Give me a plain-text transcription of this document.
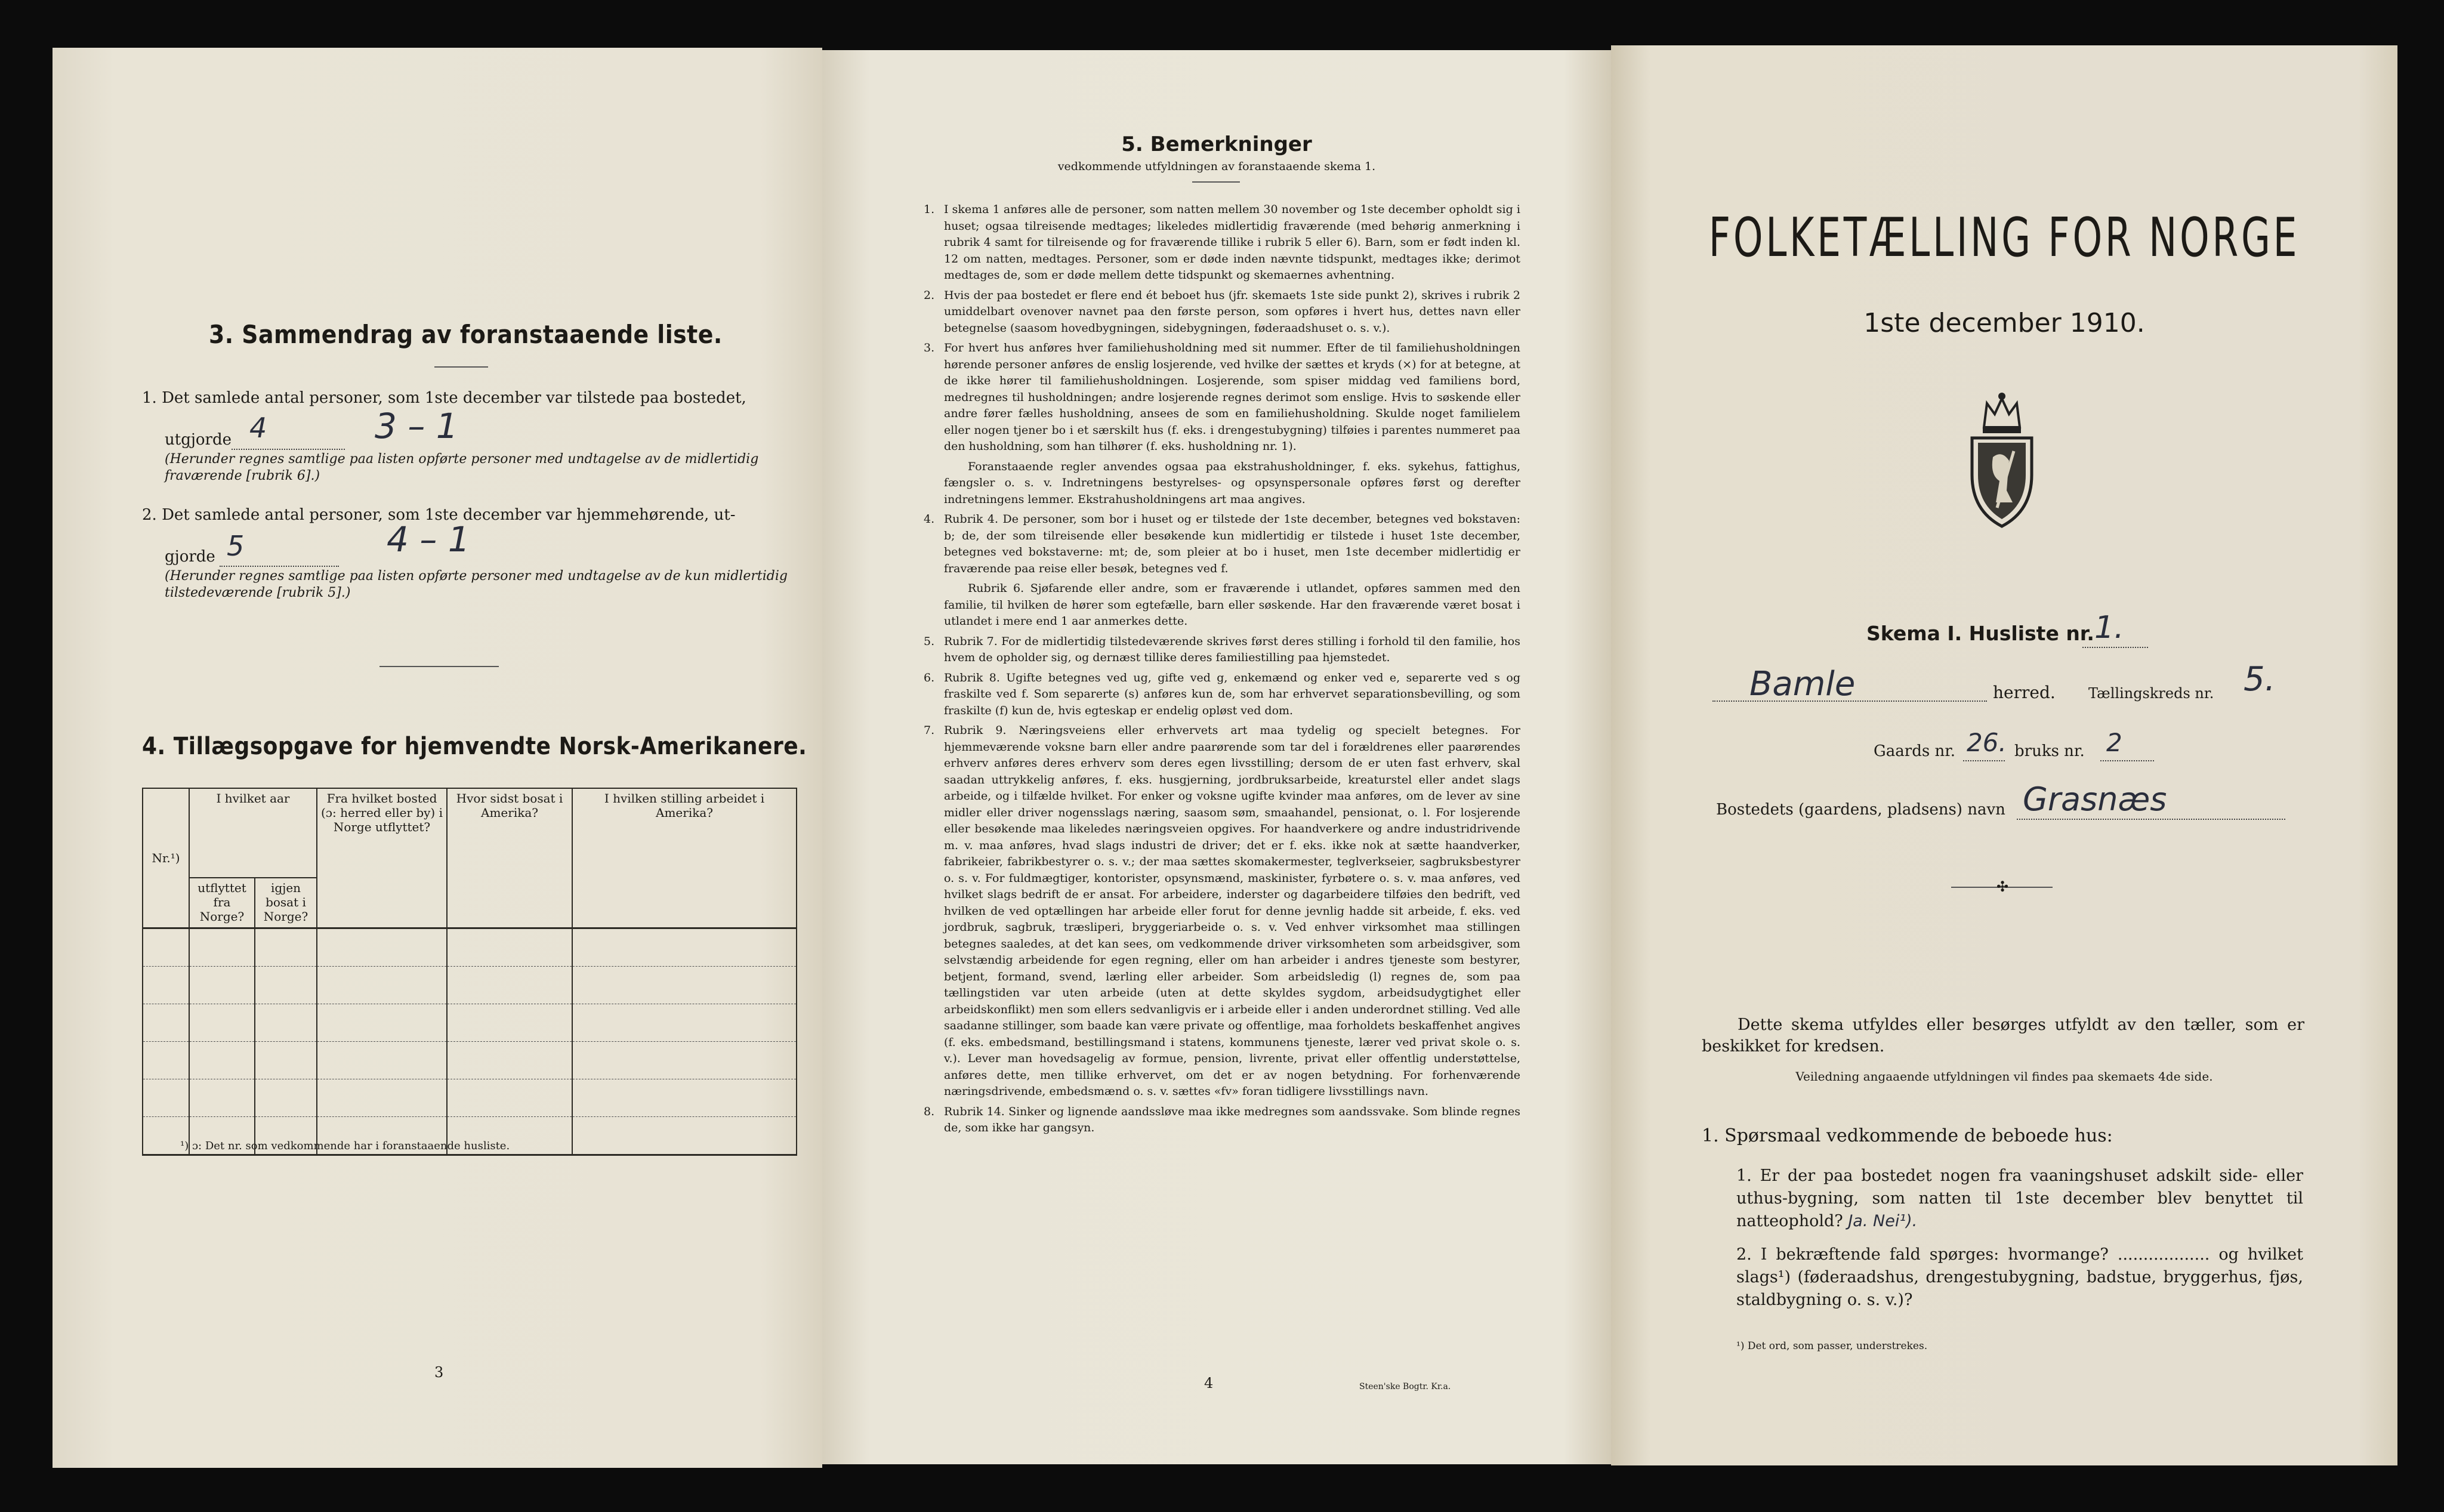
3. Sammendrag av foranstaaende liste.
1. Det samlede antal personer, som 1ste december var tilstede paa bostedet,
utgjorde 4	3 – 1
(Herunder regnes samtlige paa listen opførte personer med undtagelse av de midlertidig fraværende [rubrik 6].)
2. Det samlede antal personer, som 1ste december var hjemmehørende, ut-
gjorde 5	4 – 1
(Herunder regnes samtlige paa listen opførte personer med undtagelse av de kun midlertidig tilstedeværende [rubrik 5].)
4. Tillægsopgave for hjemvendte Norsk-Amerikanere.
Nr.¹)	I hvilket aar		Fra hvilket bosted (ɔ: herred eller by) i Norge utflyttet?	Hvor sidst bosat i Amerika?	I hvilken stilling arbeidet i Amerika?
	utflyttet fra Norge?	igjen bosat i Norge?			

¹) ɔ: Det nr. som vedkommende har i foranstaaende husliste.
3
5. Bemerkninger
vedkommende utfyldningen av foranstaaende skema 1.
1. I skema 1 anføres alle de personer, som natten mellem 30 november og 1ste december opholdt sig i huset; ogsaa tilreisende medtages; likeledes midlertidig fraværende (med behørig anmerkning i rubrik 4 samt for tilreisende og for fraværende tillike i rubrik 5 eller 6). Barn, som er født inden kl. 12 om natten, medtages. Personer, som er døde inden nævnte tidspunkt, medtages ikke; derimot medtages de, som er døde mellem dette tidspunkt og skemaernes avhentning.
2. Hvis der paa bostedet er flere end ét beboet hus (jfr. skemaets 1ste side punkt 2), skrives i rubrik 2 umiddelbart ovenover navnet paa den første person, som opføres i hvert hus, dettes navn eller betegnelse (saasom hovedbygningen, sidebygningen, føderaadshuset o. s. v.).
3. For hvert hus anføres hver familiehusholdning med sit nummer. Efter de til familiehusholdningen hørende personer anføres de enslig losjerende, ved hvilke der sættes et kryds (×) for at betegne, at de ikke hører til familiehusholdningen. Losjerende, som spiser middag ved familiens bord, medregnes til husholdningen; andre losjerende regnes derimot som enslige. Hvis to søskende eller andre fører fælles husholdning, ansees de som en familiehusholdning. Skulde noget familielem eller nogen tjener bo i et særskilt hus (f. eks. i drengestubygning) tilføies i parentes nummeret paa den husholdning, som han tilhører (f. eks. husholdning nr. 1).
Foranstaaende regler anvendes ogsaa paa ekstrahusholdninger, f. eks. sykehus, fattighus, fængsler o. s. v. Indretningens bestyrelses- og opsynspersonale opføres først og derefter indretningens lemmer. Ekstrahusholdningens art maa angives.
4. Rubrik 4. De personer, som bor i huset og er tilstede der 1ste december, betegnes ved bokstaven: b; de, der som tilreisende eller besøkende kun midlertidig er tilstede i huset 1ste december, betegnes ved bokstaverne: mt; de, som pleier at bo i huset, men 1ste december midlertidig er fraværende paa reise eller besøk, betegnes ved f.
Rubrik 6. Sjøfarende eller andre, som er fraværende i utlandet, opføres sammen med den familie, til hvilken de hører som egtefælle, barn eller søskende. Har den fraværende været bosat i utlandet i mere end 1 aar anmerkes dette.
5. Rubrik 7. For de midlertidig tilstedeværende skrives først deres stilling i forhold til den familie, hos hvem de opholder sig, og dernæst tillike deres familiestilling paa hjemstedet.
6. Rubrik 8. Ugifte betegnes ved ug, gifte ved g, enkemænd og enker ved e, separerte ved s og fraskilte ved f. Som separerte (s) anføres kun de, som har erhvervet separationsbevilling, og som fraskilte (f) kun de, hvis egteskap er endelig opløst ved dom.
7. Rubrik 9. Næringsveiens eller erhvervets art maa tydelig og specielt betegnes. For hjemmeværende voksne barn eller andre paarørende som tar del i forældrenes eller paarørendes erhverv anføres deres erhverv som deres egen livsstilling; dersom de er uten fast erhverv, skal saadan uttrykkelig anføres, f. eks. husgjerning, jordbruksarbeide, kreaturstel eller andet slags arbeide, og i tilfælde hvilket. For enker og voksne ugifte kvinder maa anføres, om de lever av sine midler eller driver nogensslags næring, saasom søm, smaahandel, pensionat, o. l. For losjerende eller besøkende maa likeledes næringsveien opgives. For haandverkere og andre industridrivende m. v. maa anføres, hvad slags industri de driver; det er f. eks. ikke nok at sætte haandverker, fabrikeier, fabrikbestyrer o. s. v.; der maa sættes skomakermester, teglverkseier, sagbruksbestyrer o. s. v. For fuldmægtiger, kontorister, opsynsmænd, maskinister, fyrbøtere o. s. v. maa anføres, ved hvilket slags bedrift de er ansat. For arbeidere, inderster og dagarbeidere tilføies den bedrift, ved hvilken de ved optællingen har arbeide eller forut for denne jevnlig hadde sit arbeide, f. eks. ved jordbruk, sagbruk, træsliperi, bryggeriarbeide o. s. v. Ved enhver virksomhet maa stillingen betegnes saaledes, at det kan sees, om vedkommende driver virksomheten som arbeidsgiver, som selvstændig arbeidende for egen regning, eller om han arbeider i andres tjeneste som bestyrer, betjent, formand, svend, lærling eller arbeider. Som arbeidsledig (l) regnes de, som paa tællingstiden var uten arbeide (uten at dette skyldes sygdom, arbeidsudygtighet eller arbeidskonflikt) men som ellers sedvanligvis er i arbeide eller i anden underordnet stilling. Ved alle saadanne stillinger, som baade kan være private og offentlige, maa forholdets beskaffenhet angives (f. eks. embedsmand, bestillingsmand i statens, kommunens tjeneste, lærer ved privat skole o. s. v.). Lever man hovedsagelig av formue, pension, livrente, privat eller offentlig understøttelse, anføres dette, men tillike erhvervet, om det er av nogen betydning. For forhenværende næringsdrivende, embedsmænd o. s. v. sættes «fv» foran tidligere livsstillings navn.
8. Rubrik 14. Sinker og lignende aandssløve maa ikke medregnes som aandssvake. Som blinde regnes de, som ikke har gangsyn.
4	Steen'ske Bogtr. Kr.a.
FOLKETÆLLING FOR NORGE
1ste december 1910.
Skema I. Husliste nr. 1.
Bamle	herred. Tællingskreds nr. 5.
Gaards nr. 26. bruks nr. 2
Bostedets (gaardens, pladsens) navn Grasnæs
✣
Dette skema utfyldes eller besørges utfyldt av den tæller, som er beskikket for kredsen.
Veiledning angaaende utfyldningen vil findes paa skemaets 4de side.
1. Spørsmaal vedkommende de beboede hus:
1. Er der paa bostedet nogen fra vaaningshuset adskilt side- eller uthus-bygning, som natten til 1ste december blev benyttet til natteophold? Ja. Nei¹).
2. I bekræftende fald spørges: hvormange? .................. og hvilket slags¹) (føderaadshus, drengestubygning, badstue, bryggerhus, fjøs, staldbygning o. s. v.)?
¹) Det ord, som passer, understrekes.
